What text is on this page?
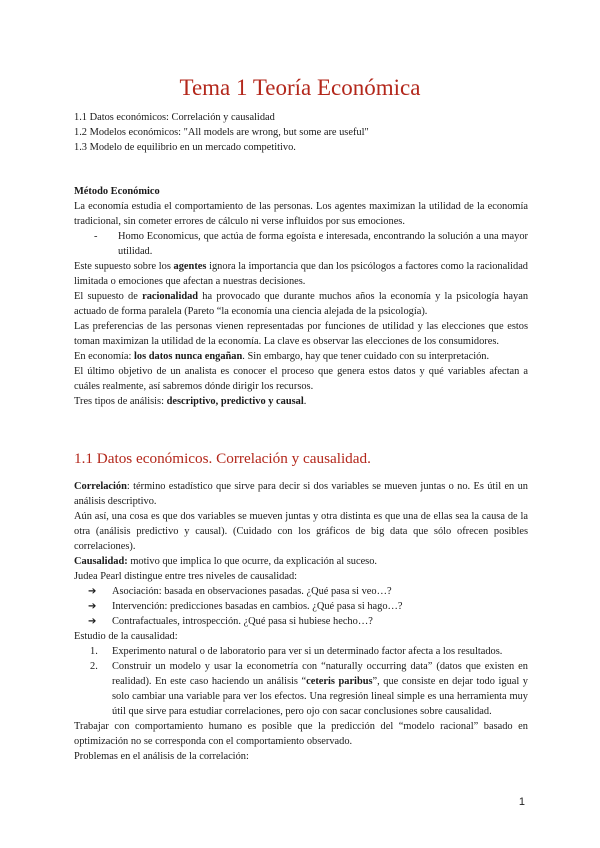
Tema 1 Teoría Económica
1.1 Datos económicos: Correlación y causalidad
1.2 Modelos económicos: "All models are wrong, but some are useful"
1.3 Modelo de equilibrio en un mercado competitivo.

Método Económico

La economía estudia el comportamiento de las personas. Los agentes maximizan la utilidad de la economía tradicional, sin cometer errores de cálculo ni verse influidos por sus emociones.

-	Homo Economicus, que actúa de forma egoísta e interesada, encontrando la solución a una mayor utilidad.

Este supuesto sobre los agentes ignora la importancia que dan los psicólogos a factores como la racionalidad limitada o emociones que afectan a nuestras decisiones.

El supuesto de racionalidad ha provocado que durante muchos años la economía y la psicología hayan actuado de forma paralela (Pareto “la economía una ciencia alejada de la psicología).

Las preferencias de las personas vienen representadas por funciones de utilidad y las elecciones que estos toman maximizan la utilidad de la economía. La clave es observar las elecciones de los consumidores.

En economía: los datos nunca engañan. Sin embargo, hay que tener cuidado con su interpretación.

El último objetivo de un analista es conocer el proceso que genera estos datos y qué variables afectan a cuáles realmente, así sabremos dónde dirigir los recursos.

Tres tipos de análisis: descriptivo, predictivo y causal.

1.1 Datos económicos. Correlación y causalidad.

Correlación: término estadístico que sirve para decir si dos variables se mueven juntas o no. Es útil en un análisis descriptivo.

Aún así, una cosa es que dos variables se mueven juntas y otra distinta es que una de ellas sea la causa de la otra (análisis predictivo y causal). (Cuidado con los gráficos de big data que sólo ofrecen posibles correlaciones).

Causalidad: motivo que implica lo que ocurre, da explicación al suceso.

Judea Pearl distingue entre tres niveles de causalidad:

➔	Asociación: basada en observaciones pasadas. ¿Qué pasa si veo…?
➔	Intervención: predicciones basadas en cambios. ¿Qué pasa si hago…?
➔	Contrafactuales, introspección. ¿Qué pasa si hubiese hecho…?

Estudio de la causalidad:

1.	Experimento natural o de laboratorio para ver si un determinado factor afecta a los resultados.
2.	Construir un modelo y usar la econometría con “naturally occurring data” (datos que existen en realidad). En este caso haciendo un análisis “ceteris paribus”, que consiste en dejar todo igual y solo cambiar una variable para ver los efectos. Una regresión lineal simple es una herramienta muy útil que sirve para estudiar correlaciones, pero ojo con sacar conclusiones sobre causalidad.

Trabajar con comportamiento humano es posible que la predicción del “modelo racional” basado en optimización no se corresponda con el comportamiento observado.

Problemas en el análisis de la correlación:

1
